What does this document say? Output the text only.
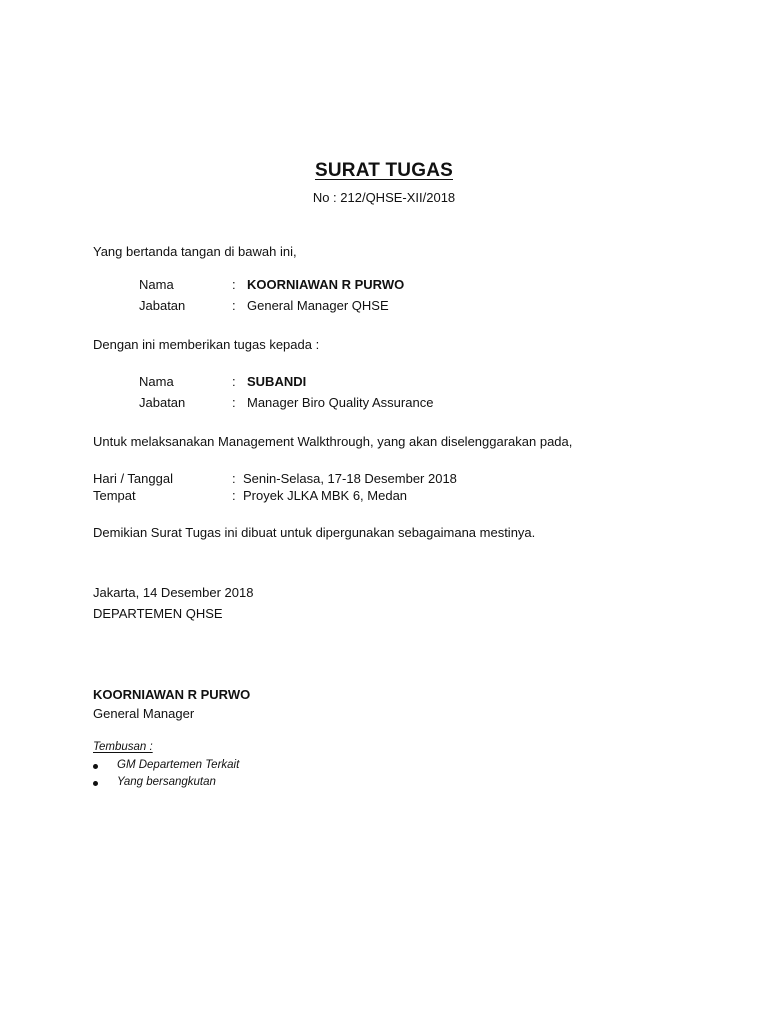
SURAT TUGAS
No : 212/QHSE-XII/2018
Yang bertanda tangan di bawah ini,
Nama	: KOORNIAWAN R PURWO
Jabatan	: General Manager QHSE
Dengan ini memberikan tugas kepada :
Nama	: SUBANDI
Jabatan	: Manager Biro Quality Assurance
Untuk melaksanakan Management Walkthrough, yang akan diselenggarakan pada,
Hari / Tanggal	: Senin-Selasa, 17-18 Desember 2018
Tempat	: Proyek JLKA MBK 6, Medan
Demikian Surat Tugas ini dibuat untuk dipergunakan sebagaimana mestinya.
Jakarta, 14 Desember 2018
DEPARTEMEN QHSE
KOORNIAWAN R PURWO
General Manager
Tembusan :
GM Departemen Terkait
Yang bersangkutan
